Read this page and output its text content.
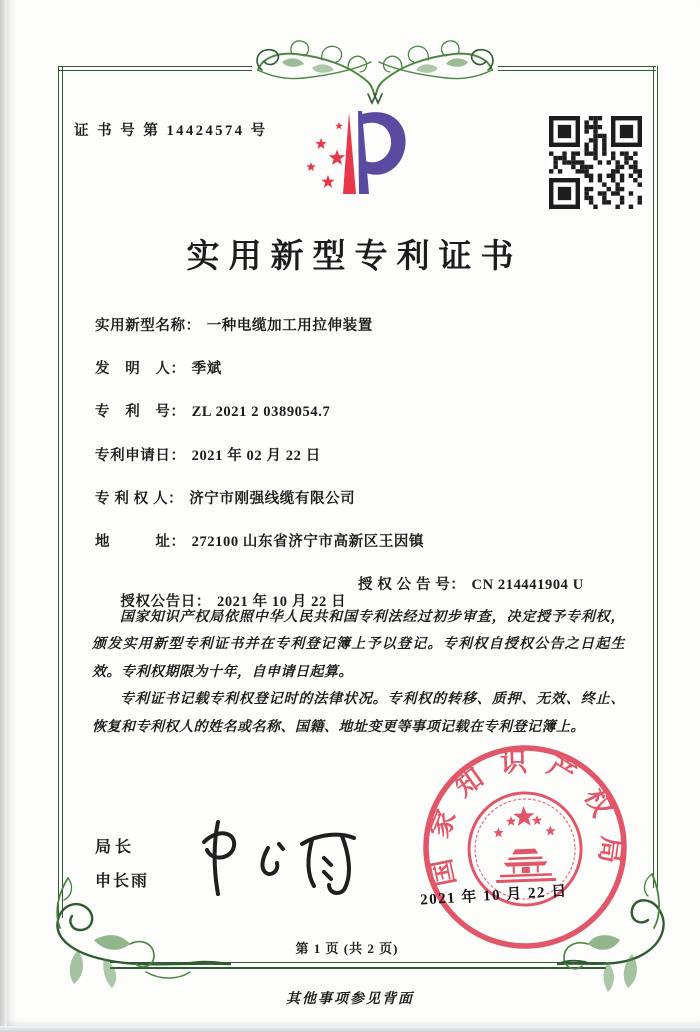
证 书 号 第 14424574 号
实用新型专利证书
实用新型名称： 一种电缆加工用拉伸装置
发　明　人： 季斌
专　利　号： ZL 2021 2 0389054.7
专利申请日： 2021 年 02 月 22 日
专 利 权 人： 济宁市刚强线缆有限公司
地　　　址： 272100 山东省济宁市高新区王因镇

授权公告日： 2021 年 10 月 22 日

授 权 公 告 号： CN 214441904 U

国家知识产权局依照中华人民共和国专利法经过初步审查，决定授予专利权，颁发实用新型专利证书并在专利登记簿上予以登记。专利权自授权公告之日起生效。专利权期限为十年，自申请日起算。

专利证书记载专利权登记时的法律状况。专利权的转移、质押、无效、终止、恢复和专利权人的姓名或名称、国籍、地址变更等事项记载在专利登记簿上。

局长
申长雨	国家知识产权局
2021 年 10 月 22 日
第 1 页 (共 2 页)
其他事项参见背面
